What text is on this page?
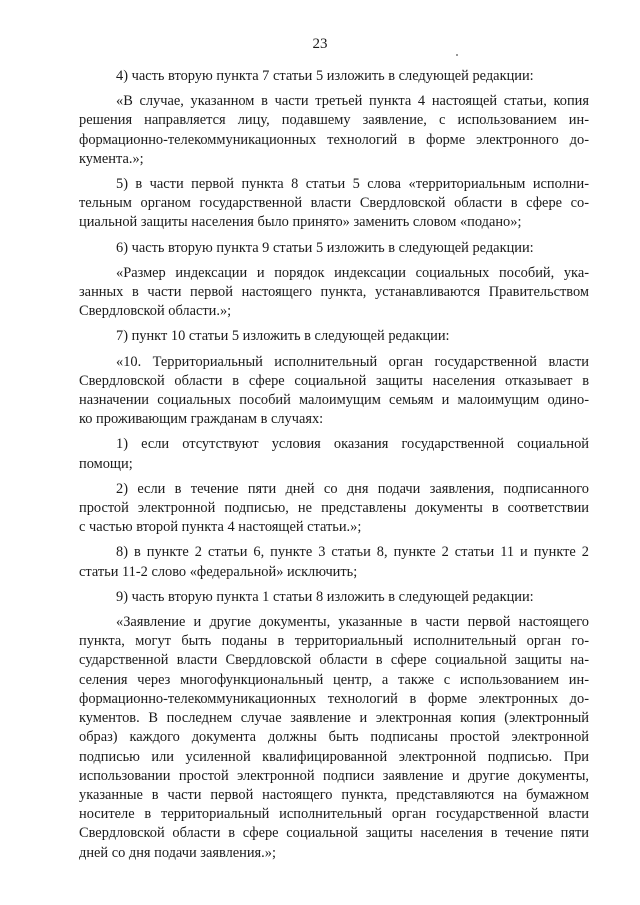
23
4) часть вторую пункта 7 статьи 5 изложить в следующей редакции:
«В случае, указанном в части третьей пункта 4 настоящей статьи, копия
решения направляется лицу, подавшему заявление, с использованием ин-
формационно-телекоммуникационных технологий в форме электронного до-
кумента.»;
5) в части первой пункта 8 статьи 5 слова «территориальным исполни-
тельным органом государственной власти Свердловской области в сфере со-
циальной защиты населения было принято» заменить словом «подано»;
6) часть вторую пункта 9 статьи 5 изложить в следующей редакции:
«Размер индексации и порядок индексации социальных пособий, ука-
занных в части первой настоящего пункта, устанавливаются Правительством
Свердловской области.»;
7) пункт 10 статьи 5 изложить в следующей редакции:
«10. Территориальный исполнительный орган государственной власти
Свердловской области в сфере социальной защиты населения отказывает в
назначении социальных пособий малоимущим семьям и малоимущим одино-
ко проживающим гражданам в случаях:
1) если отсутствуют условия оказания государственной социальной
помощи;
2) если в течение пяти дней со дня подачи заявления, подписанного
простой электронной подписью, не представлены документы в соответствии
с частью второй пункта 4 настоящей статьи.»;
8) в пункте 2 статьи 6, пункте 3 статьи 8, пункте 2 статьи 11 и пункте 2
статьи 11-2 слово «федеральной» исключить;
9) часть вторую пункта 1 статьи 8 изложить в следующей редакции:
«Заявление и другие документы, указанные в части первой настоящего
пункта, могут быть поданы в территориальный исполнительный орган го-
сударственной власти Свердловской области в сфере социальной защиты на-
селения через многофункциональный центр, а также с использованием ин-
формационно-телекоммуникационных технологий в форме электронных до-
кументов. В последнем случае заявление и электронная копия (электронный
образ) каждого документа должны быть подписаны простой электронной
подписью или усиленной квалифицированной электронной подписью. При
использовании простой электронной подписи заявление и другие документы,
указанные в части первой настоящего пункта, представляются на бумажном
носителе в территориальный исполнительный орган государственной власти
Свердловской области в сфере социальной защиты населения в течение пяти
дней со дня подачи заявления.»;
